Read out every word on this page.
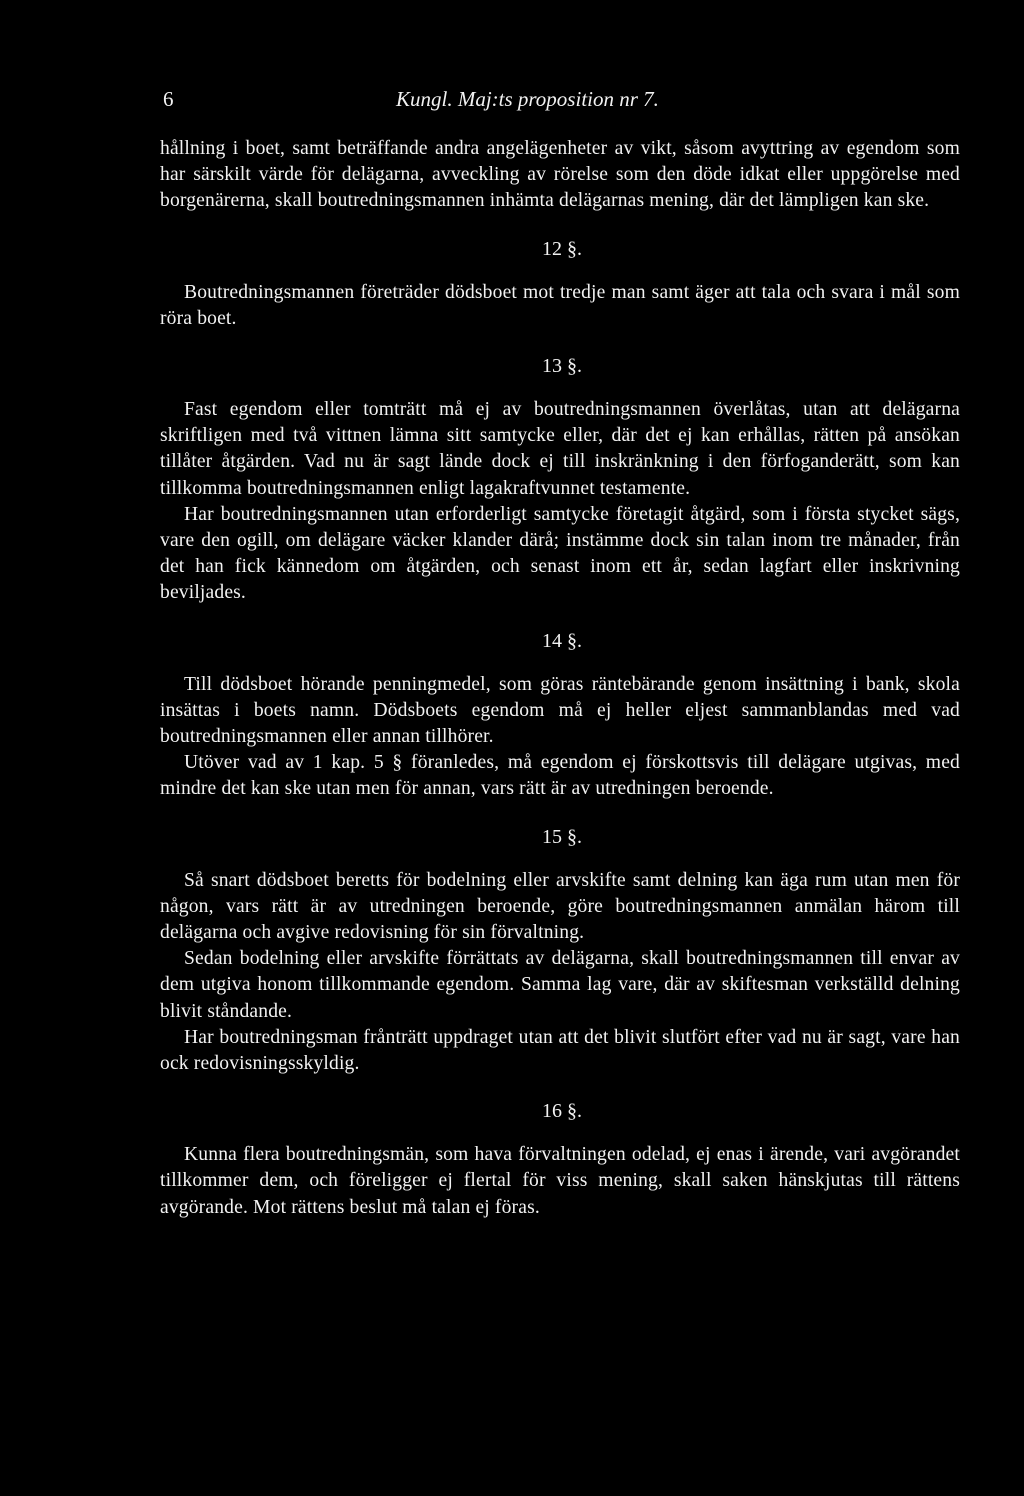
6	Kungl. Maj:ts proposition nr 7.

hållning i boet, samt beträffande andra angelägenheter av vikt, såsom avyttring av egendom som har särskilt värde för delägarna, avveckling av rörelse som den döde idkat eller uppgörelse med borgenärerna, skall boutredningsmannen inhämta delägarnas mening, där det lämpligen kan ske.

12 §.

Boutredningsmannen företräder dödsboet mot tredje man samt äger att tala och svara i mål som röra boet.

13 §.

Fast egendom eller tomträtt må ej av boutredningsmannen överlåtas, utan att delägarna skriftligen med två vittnen lämna sitt samtycke eller, där det ej kan erhållas, rätten på ansökan tillåter åtgärden. Vad nu är sagt lände dock ej till inskränkning i den förfoganderätt, som kan tillkomma boutredningsmannen enligt lagakraftvunnet testamente.

Har boutredningsmannen utan erforderligt samtycke företagit åtgärd, som i första stycket sägs, vare den ogill, om delägare väcker klander därå; instämme dock sin talan inom tre månader, från det han fick kännedom om åtgärden, och senast inom ett år, sedan lagfart eller inskrivning beviljades.

14 §.

Till dödsboet hörande penningmedel, som göras räntebärande genom insättning i bank, skola insättas i boets namn. Dödsboets egendom må ej heller eljest sammanblandas med vad boutredningsmannen eller annan tillhörer.

Utöver vad av 1 kap. 5 § föranledes, må egendom ej förskottsvis till delägare utgivas, med mindre det kan ske utan men för annan, vars rätt är av utredningen beroende.

15 §.

Så snart dödsboet beretts för bodelning eller arvskifte samt delning kan äga rum utan men för någon, vars rätt är av utredningen beroende, göre boutredningsmannen anmälan härom till delägarna och avgive redovisning för sin förvaltning.

Sedan bodelning eller arvskifte förrättats av delägarna, skall boutredningsmannen till envar av dem utgiva honom tillkommande egendom. Samma lag vare, där av skiftesman verkställd delning blivit ståndande.

Har boutredningsman frånträtt uppdraget utan att det blivit slutfört efter vad nu är sagt, vare han ock redovisningsskyldig.

16 §.

Kunna flera boutredningsmän, som hava förvaltningen odelad, ej enas i ärende, vari avgörandet tillkommer dem, och föreligger ej flertal för viss mening, skall saken hänskjutas till rättens avgörande. Mot rättens beslut må talan ej föras.
